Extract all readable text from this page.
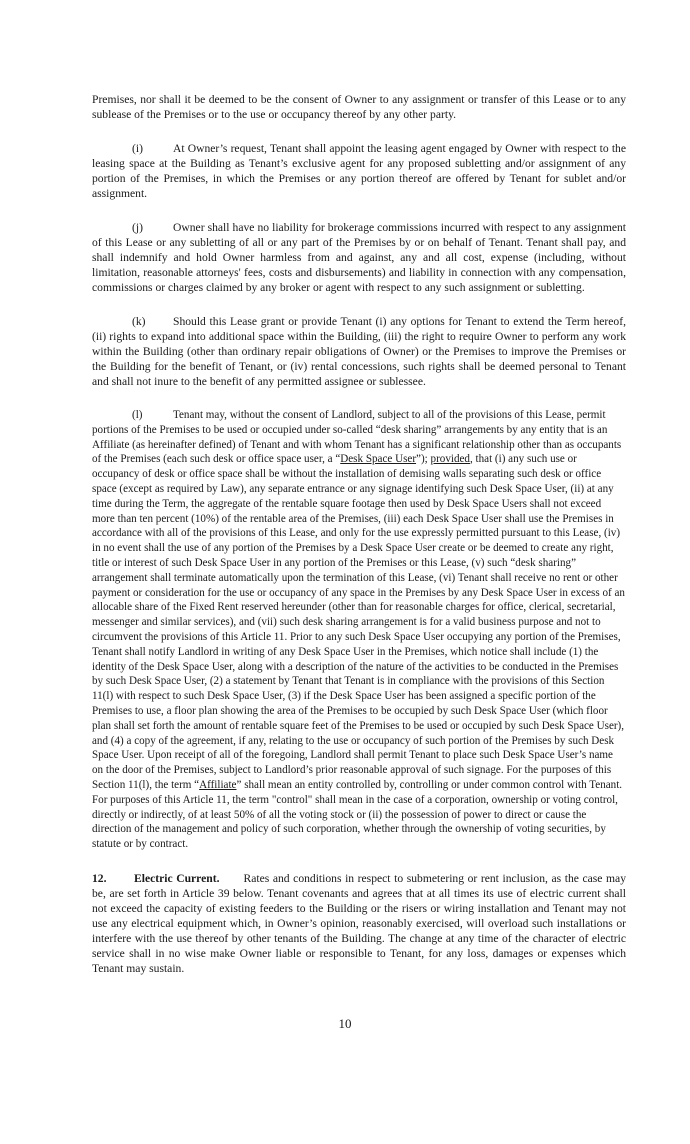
Premises, nor shall it be deemed to be the consent of Owner to any assignment or transfer of this Lease or to any sublease of the Premises or to the use or occupancy thereof by any other party.

(i)	At Owner’s request, Tenant shall appoint the leasing agent engaged by Owner with respect to the leasing space at the Building as Tenant’s exclusive agent for any proposed subletting and/or assignment of any portion of the Premises, in which the Premises or any portion thereof are offered by Tenant for sublet and/or assignment.

(j)	Owner shall have no liability for brokerage commissions incurred with respect to any assignment of this Lease or any subletting of all or any part of the Premises by or on behalf of Tenant. Tenant shall pay, and shall indemnify and hold Owner harmless from and against, any and all cost, expense (including, without limitation, reasonable attorneys' fees, costs and disbursements) and liability in connection with any compensation, commissions or charges claimed by any broker or agent with respect to any such assignment or subletting.

(k) Should this Lease grant or provide Tenant (i) any options for Tenant to extend the Term hereof, (ii) rights to expand into additional space within the Building, (iii) the right to require Owner to perform any work within the Building (other than ordinary repair obligations of Owner) or the Premises to improve the Premises or the Building for the benefit of Tenant, or (iv) rental concessions, such rights shall be deemed personal to Tenant and shall not inure to the benefit of any permitted assignee or sublessee.

(l)	Tenant may, without the consent of Landlord, subject to all of the provisions of this Lease, permit portions of the Premises to be used or occupied under so-called “desk sharing” arrangements by any entity that is an Affiliate (as hereinafter defined) of Tenant and with whom Tenant has a significant relationship other than as occupants of the Premises (each such desk or office space user, a “Desk Space User”); provided, that (i) any such use or occupancy of desk or office space shall be without the installation of demising walls separating such desk or office space (except as required by Law), any separate entrance or any signage identifying such Desk Space User, (ii) at any time during the Term, the aggregate of the rentable square footage then used by Desk Space Users shall not exceed more than ten percent (10%) of the rentable area of the Premises, (iii) each Desk Space User shall use the Premises in accordance with all of the provisions of this Lease, and only for the use expressly permitted pursuant to this Lease, (iv) in no event shall the use of any portion of the Premises by a Desk Space User create or be deemed to create any right, title or interest of such Desk Space User in any portion of the Premises or this Lease, (v) such “desk sharing” arrangement shall terminate automatically upon the termination of this Lease, (vi) Tenant shall receive no rent or other payment or consideration for the use or occupancy of any space in the Premises by any Desk Space User in excess of an allocable share of the Fixed Rent reserved hereunder (other than for reasonable charges for office, clerical, secretarial, messenger and similar services), and (vii) such desk sharing arrangement is for a valid business purpose and not to circumvent the provisions of this Article 11. Prior to any such Desk Space User occupying any portion of the Premises, Tenant shall notify Landlord in writing of any Desk Space User in the Premises, which notice shall include (1) the identity of the Desk Space User, along with a description of the nature of the activities to be conducted in the Premises by such Desk Space User, (2) a statement by Tenant that Tenant is in compliance with the provisions of this Section 11(l) with respect to such Desk Space User, (3) if the Desk Space User has been assigned a specific portion of the Premises to use, a floor plan showing the area of the Premises to be occupied by such Desk Space User (which floor plan shall set forth the amount of rentable square feet of the Premises to be used or occupied by such Desk Space User), and (4) a copy of the agreement, if any, relating to the use or occupancy of such portion of the Premises by such Desk Space User. Upon receipt of all of the foregoing, Landlord shall permit Tenant to place such Desk Space User’s name on the door of the Premises, subject to Landlord’s prior reasonable approval of such signage. For the purposes of this Section 11(l), the term “Affiliate” shall mean an entity controlled by, controlling or under common control with Tenant. For purposes of this Article 11, the term "control" shall mean in the case of a corporation, ownership or voting control, directly or indirectly, of at least 50% of all the voting stock or (ii) the possession of power to direct or cause the direction of the management and policy of such corporation, whether through the ownership of voting securities, by statute or by contract.

12. Electric Current. Rates and conditions in respect to submetering or rent inclusion, as the case may be, are set forth in Article 39 below. Tenant covenants and agrees that at all times its use of electric current shall not exceed the capacity of existing feeders to the Building or the risers or wiring installation and Tenant may not use any electrical equipment which, in Owner’s opinion, reasonably exercised, will overload such installations or interfere with the use thereof by other tenants of the Building. The change at any time of the character of electric service shall in no wise make Owner liable or responsible to Tenant, for any loss, damages or expenses which Tenant may sustain.

10
